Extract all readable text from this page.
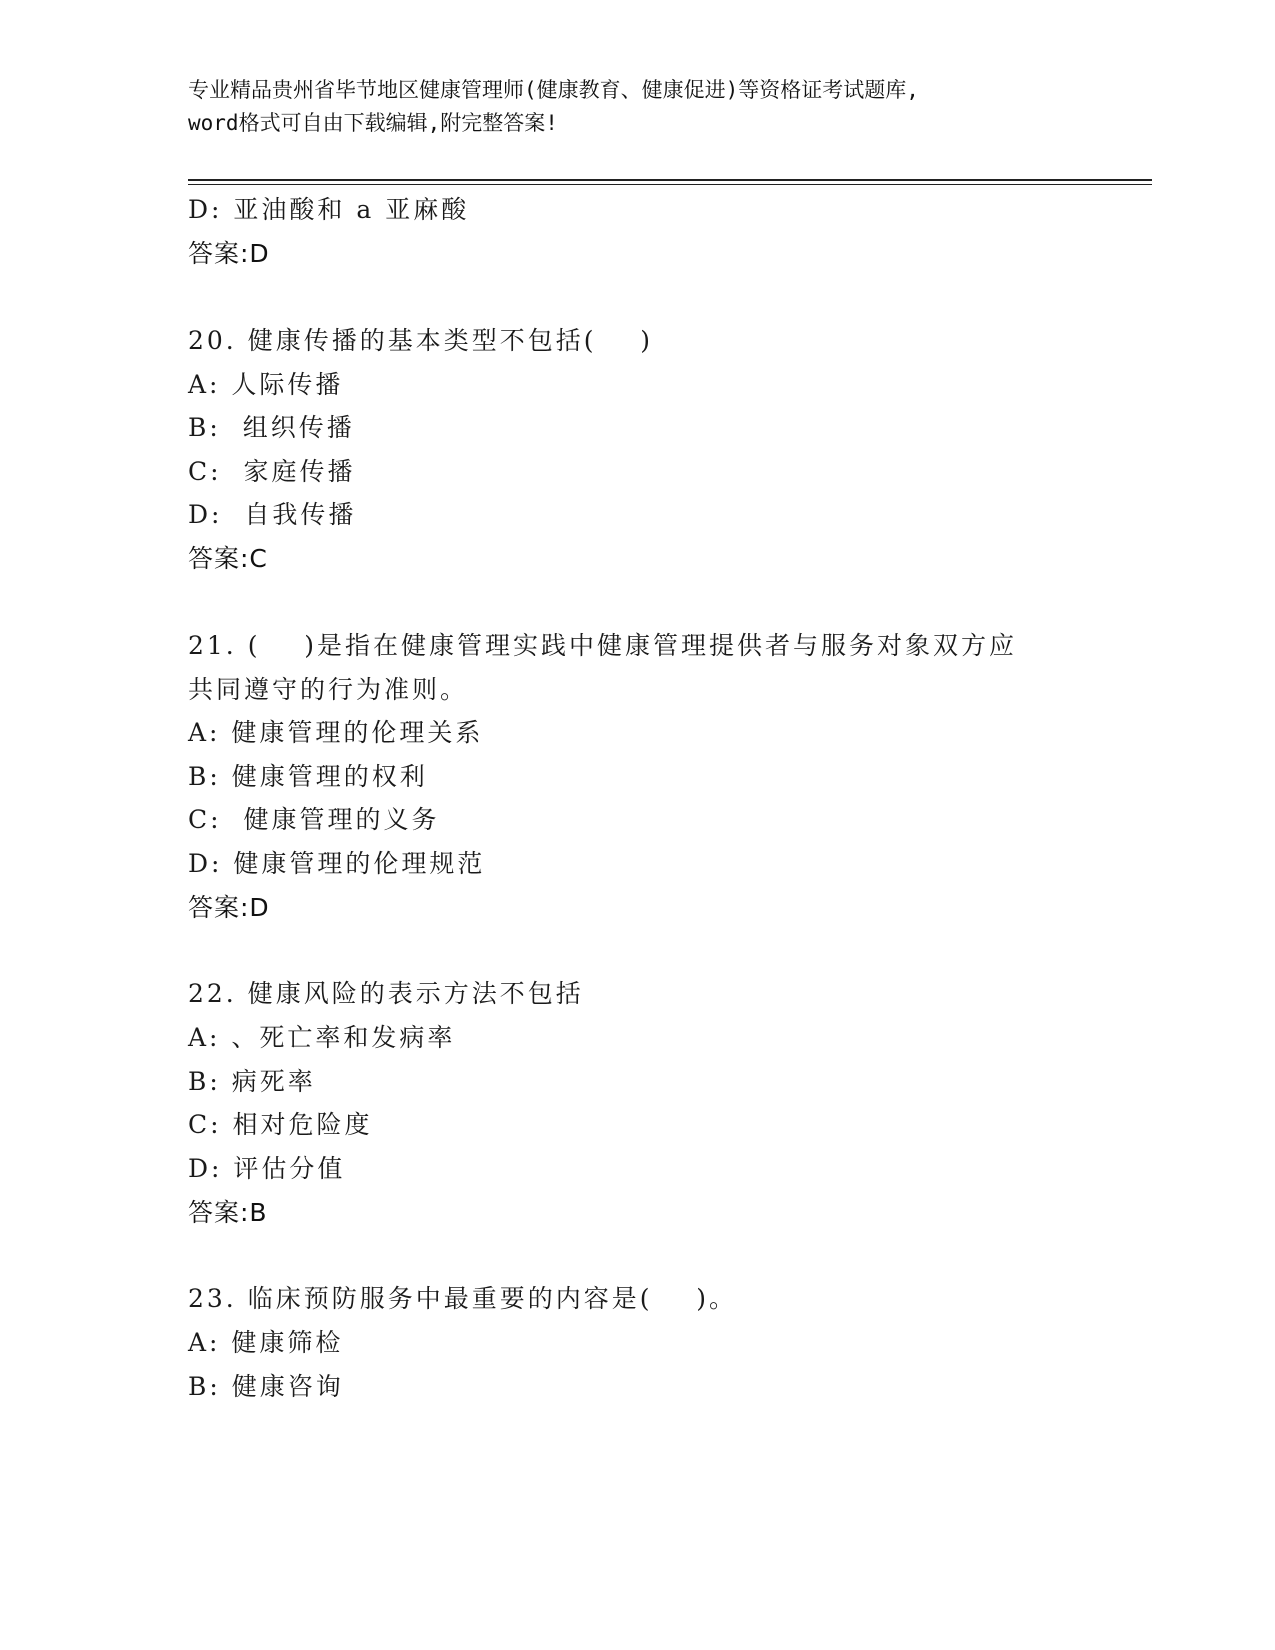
专业精品贵州省毕节地区健康管理师(健康教育、健康促进)等资格证考试题库,
word格式可自由下载编辑,附完整答案!
D: 亚油酸和 a 亚麻酸
答案:D
20. 健康传播的基本类型不包括(    )
A: 人际传播
B:  组织传播
C:  家庭传播
D:  自我传播
答案:C
21. (    )是指在健康管理实践中健康管理提供者与服务对象双方应
共同遵守的行为准则。
A: 健康管理的伦理关系
B: 健康管理的权利
C:  健康管理的义务
D: 健康管理的伦理规范
答案:D
22. 健康风险的表示方法不包括
A: 、死亡率和发病率
B: 病死率
C: 相对危险度
D: 评估分值
答案:B
23. 临床预防服务中最重要的内容是(    )。
A: 健康筛检
B: 健康咨询
